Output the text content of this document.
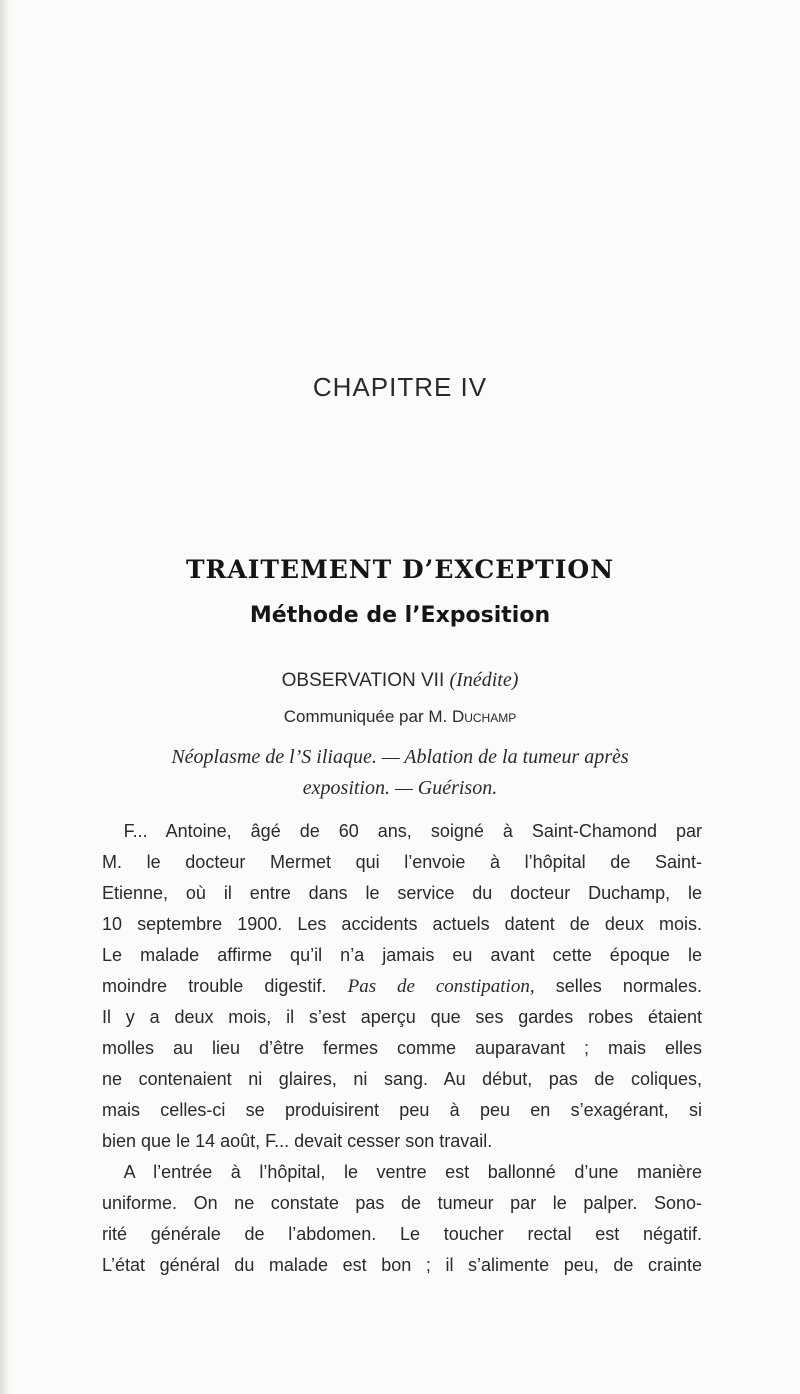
CHAPITRE IV
TRAITEMENT D’EXCEPTION
Méthode de l’Exposition
OBSERVATION VII (Inédite)
Communiquée par M. Duchamp
Néoplasme de l’S iliaque. — Ablation de la tumeur après
exposition. — Guérison.
F... Antoine, âgé de 60 ans, soigné à Saint-Chamond par
M. le docteur Mermet qui l’envoie à l’hôpital de Saint-
Etienne, où il entre dans le service du docteur Duchamp, le
10 septembre 1900. Les accidents actuels datent de deux mois.
Le malade affirme qu’il n’a jamais eu avant cette époque le
moindre trouble digestif. Pas de constipation, selles normales.
Il y a deux mois, il s’est aperçu que ses gardes robes étaient
molles au lieu d’être fermes comme auparavant ; mais elles
ne contenaient ni glaires, ni sang. Au début, pas de coliques,
mais celles-ci se produisirent peu à peu en s’exagérant, si
bien que le 14 août, F... devait cesser son travail.
A l’entrée à l’hôpital, le ventre est ballonné d’une manière
uniforme. On ne constate pas de tumeur par le palper. Sono-
rité générale de l’abdomen. Le toucher rectal est négatif.
L’état général du malade est bon ; il s’alimente peu, de crainte
